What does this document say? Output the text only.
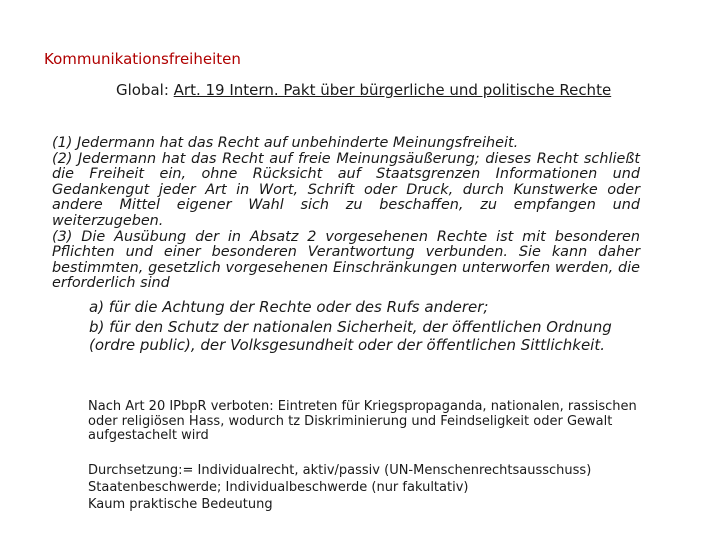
Kommunikationsfreiheiten
Global: Art. 19 Intern. Pakt über bürgerliche und politische Rechte

(1) Jedermann hat das Recht auf unbehinderte Meinungsfreiheit.

(2) Jedermann hat das Recht auf freie Meinungsäußerung; dieses Recht schließt die Freiheit ein, ohne Rücksicht auf Staatsgrenzen Informationen und Gedankengut jeder Art in Wort, Schrift oder Druck, durch Kunstwerke oder andere Mittel eigener Wahl sich zu beschaffen, zu empfangen und weiterzugeben.

(3) Die Ausübung der in Absatz 2 vorgesehenen Rechte ist mit besonderen Pflichten und einer besonderen Verantwortung verbunden. Sie kann daher bestimmten, gesetzlich vorgesehenen Einschränkungen unterworfen werden, die erforderlich sind

a) für die Achtung der Rechte oder des Rufs anderer;

b) für den Schutz der nationalen Sicherheit, der öffentlichen Ordnung (ordre public), der Volksgesundheit oder der öffentlichen Sittlichkeit.

Nach Art 20 IPbpR verboten: Eintreten für Kriegspropaganda, nationalen, rassischen oder religiösen Hass, wodurch tz Diskriminierung und Feindseligkeit oder Gewalt aufgestachelt wird

Durchsetzung:= Individualrecht, aktiv/passiv (UN-Menschenrechtsausschuss)

Staatenbeschwerde; Individualbeschwerde (nur fakultativ)

Kaum praktische Bedeutung
